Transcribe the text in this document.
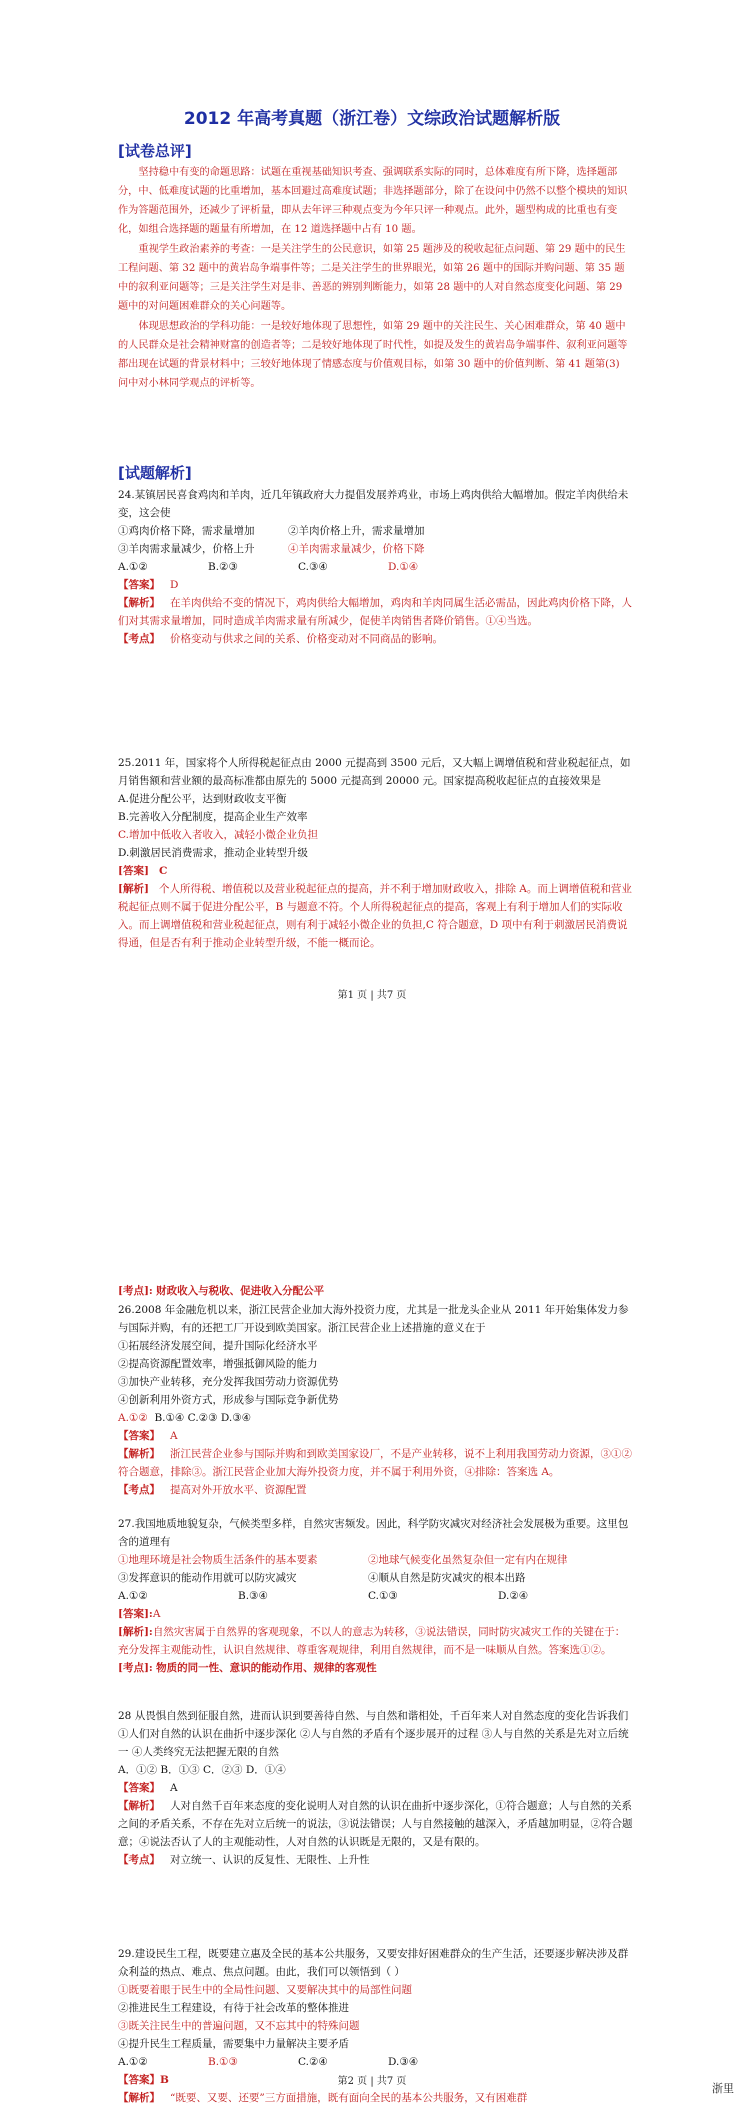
2012 年高考真题（浙江卷）文综政治试题解析版
[试卷总评]

坚持稳中有变的命题思路：试题在重视基础知识考查、强调联系实际的同时，总体难度有所下降，选择题部分，中、低难度试题的比重增加，基本回避过高难度试题；非选择题部分，除了在设问中仍然不以整个模块的知识作为答题范围外，还减少了评析量，即从去年评三种观点变为今年只评一种观点。此外，题型构成的比重也有变化，如组合选择题的题量有所增加，在 12 道选择题中占有 10 题。

重视学生政治素养的考查：一是关注学生的公民意识，如第 25 题涉及的税收起征点问题、第 29 题中的民生工程问题、第 32 题中的黄岩岛争端事件等；二是关注学生的世界眼光，如第 26 题中的国际并购问题、第 35 题中的叙利亚问题等；三是关注学生对是非、善恶的辨别判断能力，如第 28 题中的人对自然态度变化问题、第 29 题中的对问题困难群众的关心问题等。

体现思想政治的学科功能：一是较好地体现了思想性，如第 29 题中的关注民生、关心困难群众，第 40 题中的人民群众是社会精神财富的创造者等；二是较好地体现了时代性，如提及发生的黄岩岛争端事件、叙利亚问题等都出现在试题的背景材料中；三较好地体现了情感态度与价值观目标，如第 30 题中的价值判断、第 41 题第(3)问中对小林同学观点的评析等。

[试题解析]
24.某镇居民喜食鸡肉和羊肉，近几年镇政府大力提倡发展养鸡业，市场上鸡肉供给大幅增加。假定羊肉供给未变，这会使
①鸡肉价格下降，需求量增加	②羊肉价格上升，需求量增加
③羊肉需求量减少，价格上升	④羊肉需求量减少，价格下降
A.①②	B.②③	C.③④	D.①④
【答案】 D
【解析】 在羊肉供给不变的情况下，鸡肉供给大幅增加，鸡肉和羊肉同属生活必需品，因此鸡肉价格下降，人们对其需求量增加，同时造成羊肉需求量有所减少，促使羊肉销售者降价销售。①④当选。
【考点】 价格变动与供求之间的关系、价格变动对不同商品的影响。
25.2011 年，国家将个人所得税起征点由 2000 元提高到 3500 元后，又大幅上调增值税和营业税起征点，如月销售额和营业额的最高标准都由原先的 5000 元提高到 20000 元。国家提高税收起征点的直接效果是
A.促进分配公平，达到财政收支平衡
B.完善收入分配制度，提高企业生产效率
C.增加中低收入者收入，减轻小微企业负担
D.刺激居民消费需求，推动企业转型升级
[答案] C
[解析] 个人所得税、增值税以及营业税起征点的提高，并不利于增加财政收入，排除 A。而上调增值税和营业税起征点则不属于促进分配公平，B 与题意不符。个人所得税起征点的提高，客观上有利于增加人们的实际收入。而上调增值税和营业税起征点，则有利于减轻小微企业的负担,C 符合题意，D 项中有利于刺激居民消费说得通，但是否有利于推动企业转型升级，不能一概而论。
第1 页 | 共7 页
[考点]: 财政收入与税收、促进收入分配公平
26.2008 年金融危机以来，浙江民营企业加大海外投资力度，尤其是一批龙头企业从 2011 年开始集体发力参与国际并购，有的还把工厂开设到欧美国家。浙江民营企业上述措施的意义在于
①拓展经济发展空间，提升国际化经济水平
②提高资源配置效率，增强抵御风险的能力
③加快产业转移，充分发挥我国劳动力资源优势
④创新利用外资方式，形成参与国际竞争新优势
A.①② B.①④ C.②③ D.③④
【答案】 A
【解析】 浙江民营企业参与国际并购和到欧美国家设厂，不是产业转移，说不上利用我国劳动力资源，③①②符合题意，排除③。浙江民营企业加大海外投资力度，并不属于利用外资，④排除：答案选 A。
【考点】 提高对外开放水平、资源配置
27.我国地质地貌复杂，气候类型多样，自然灾害频发。因此，科学防灾减灾对经济社会发展极为重要。这里包含的道理有
①地理环境是社会物质生活条件的基本要素	②地球气候变化虽然复杂但一定有内在规律
③发挥意识的能动作用就可以防灾减灾	④顺从自然是防灾减灾的根本出路
A.①②	B.③④	C.①③	D.②④
[答案]:A
[解析]:自然灾害属于自然界的客观现象，不以人的意志为转移，③说法错误，同时防灾减灾工作的关键在于：充分发挥主观能动性，认识自然规律、尊重客观规律，利用自然规律，而不是一味顺从自然。答案选①②。
[考点]: 物质的同一性、意识的能动作用、规律的客观性
28 从畏惧自然到征服自然，进而认识到要善待自然、与自然和谐相处，千百年来人对自然态度的变化告诉我们
①人们对自然的认识在曲折中逐步深化 ②人与自然的矛盾有个逐步展开的过程 ③人与自然的关系是先对立后统一 ④人类终究无法把握无限的自然
A．①② B．①③ C．②③ D．①④
【答案】 A
【解析】 人对自然千百年来态度的变化说明人对自然的认识在曲折中逐步深化，①符合题意；人与自然的关系之间的矛盾关系，不存在先对立后统一的说法，③说法错误；人与自然接触的越深入，矛盾越加明显，②符合题意；④说法否认了人的主观能动性，人对自然的认识既是无限的，又是有限的。
【考点】 对立统一、认识的反复性、无限性、上升性
29.建设民生工程，既要建立惠及全民的基本公共服务，又要安排好困难群众的生产生活，还要逐步解决涉及群众利益的热点、难点、焦点问题。由此，我们可以领悟到（ ）
①既要着眼于民生中的全局性问题、又要解决其中的局部性问题
②推进民生工程建设，有待于社会改革的整体推进
③既关注民生中的普遍问题，又不忘其中的特殊问题
④提升民生工程质量，需要集中力量解决主要矛盾
A.①②	B.①③	C.②④	D.③④
【答案】B
【解析】 “既要、又要、还要”三方面措施，既有面向全民的基本公共服务，又有困难群
第2 页 | 共7 页
浙里
